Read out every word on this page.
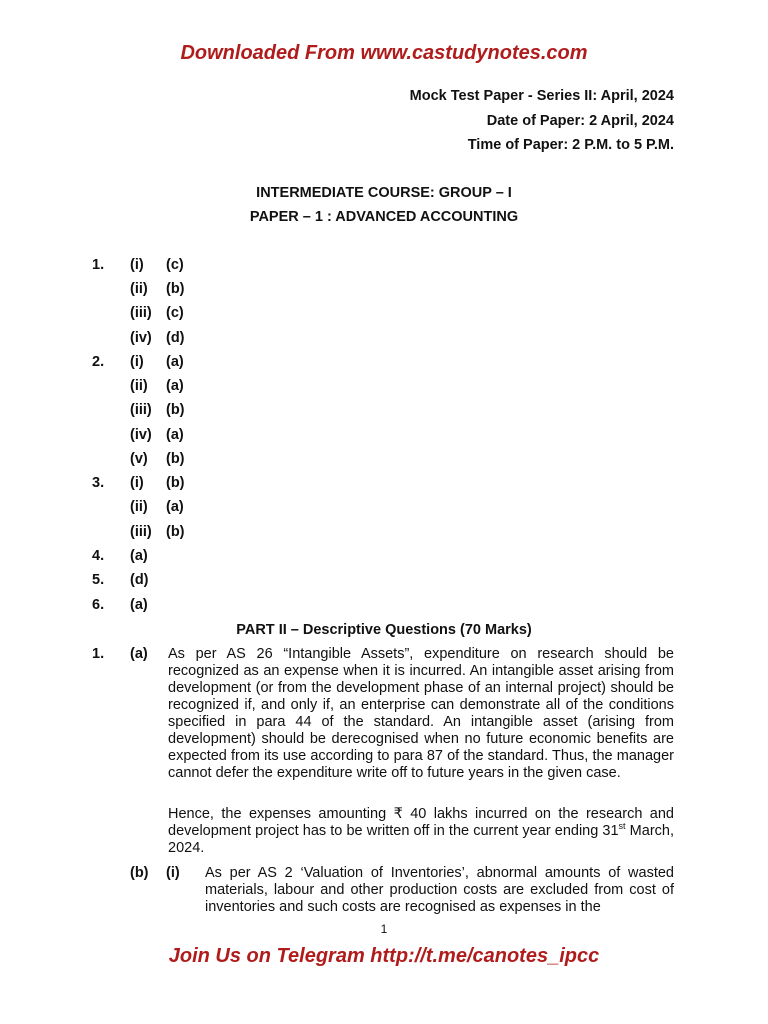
Downloaded From www.castudynotes.com
Mock Test Paper - Series II: April, 2024
Date of Paper: 2 April, 2024
Time of Paper: 2 P.M. to 5 P.M.
INTERMEDIATE COURSE: GROUP – I
PAPER – 1 : ADVANCED ACCOUNTING
1. (i) (c)
(ii) (b)
(iii) (c)
(iv) (d)
2. (i) (a)
(ii) (a)
(iii) (b)
(iv) (a)
(v) (b)
3. (i) (b)
(ii) (a)
(iii) (b)
4. (a)
5. (d)
6. (a)
PART II – Descriptive Questions (70 Marks)
1. (a) As per AS 26 “Intangible Assets”, expenditure on research should be recognized as an expense when it is incurred. An intangible asset arising from development (or from the development phase of an internal project) should be recognized if, and only if, an enterprise can demonstrate all of the conditions specified in para 44 of the standard. An intangible asset (arising from development) should be derecognised when no future economic benefits are expected from its use according to para 87 of the standard. Thus, the manager cannot defer the expenditure write off to future years in the given case.
Hence, the expenses amounting ₹ 40 lakhs incurred on the research and development project has to be written off in the current year ending 31st March, 2024.
(b) (i) As per AS 2 ‘Valuation of Inventories’, abnormal amounts of wasted materials, labour and other production costs are excluded from cost of inventories and such costs are recognised as expenses in the
1
Join Us on Telegram http://t.me/canotes_ipcc
